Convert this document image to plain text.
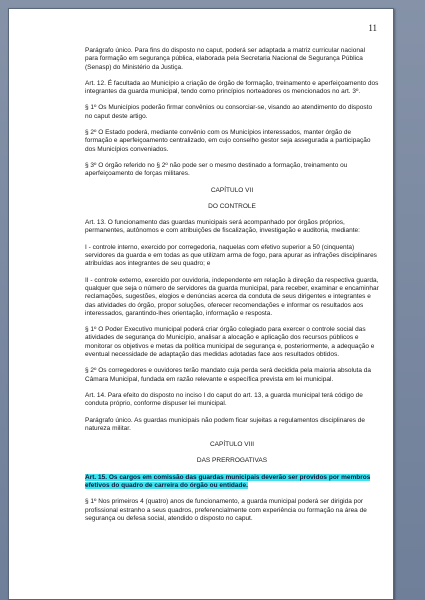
11

Parágrafo único. Para fins do disposto no caput, poderá ser adaptada a matriz curricular nacional para formação em segurança pública, elaborada pela Secretaria Nacional de Segurança Pública (Senasp) do Ministério da Justiça.

Art. 12. É facultada ao Município a criação de órgão de formação, treinamento e aperfeiçoamento dos integrantes da guarda municipal, tendo como princípios norteadores os mencionados no art. 3º.

§ 1º Os Municípios poderão firmar convênios ou consorciar-se, visando ao atendimento do disposto no caput deste artigo.

§ 2º O Estado poderá, mediante convênio com os Municípios interessados, manter órgão de formação e aperfeiçoamento centralizado, em cujo conselho gestor seja assegurada a participação dos Municípios conveniados.

§ 3º O órgão referido no § 2º não pode ser o mesmo destinado a formação, treinamento ou aperfeiçoamento de forças militares.

CAPÍTULO VII

DO CONTROLE

Art. 13. O funcionamento das guardas municipais será acompanhado por órgãos próprios, permanentes, autônomos e com atribuições de fiscalização, investigação e auditoria, mediante:

I - controle interno, exercido por corregedoria, naquelas com efetivo superior a 50 (cinquenta) servidores da guarda e em todas as que utilizam arma de fogo, para apurar as infrações disciplinares atribuídas aos integrantes de seu quadro; e

II - controle externo, exercido por ouvidoria, independente em relação à direção da respectiva guarda, qualquer que seja o número de servidores da guarda municipal, para receber, examinar e encaminhar reclamações, sugestões, elogios e denúncias acerca da conduta de seus dirigentes e integrantes e das atividades do órgão, propor soluções, oferecer recomendações e informar os resultados aos interessados, garantindo-lhes orientação, informação e resposta.

§ 1º O Poder Executivo municipal poderá criar órgão colegiado para exercer o controle social das atividades de segurança do Município, analisar a alocação e aplicação dos recursos públicos e monitorar os objetivos e metas da política municipal de segurança e, posteriormente, a adequação e eventual necessidade de adaptação das medidas adotadas face aos resultados obtidos.

§ 2º Os corregedores e ouvidores terão mandato cuja perda será decidida pela maioria absoluta da Câmara Municipal, fundada em razão relevante e específica prevista em lei municipal.

Art. 14. Para efeito do disposto no inciso I do caput do art. 13, a guarda municipal terá código de conduta próprio, conforme dispuser lei municipal.

Parágrafo único. As guardas municipais não podem ficar sujeitas a regulamentos disciplinares de natureza militar.

CAPÍTULO VIII

DAS PRERROGATIVAS

Art. 15. Os cargos em comissão das guardas municipais deverão ser providos por membros efetivos do quadro de carreira do órgão ou entidade.

§ 1º Nos primeiros 4 (quatro) anos de funcionamento, a guarda municipal poderá ser dirigida por profissional estranho a seus quadros, preferencialmente com experiência ou formação na área de segurança ou defesa social, atendido o disposto no caput.
